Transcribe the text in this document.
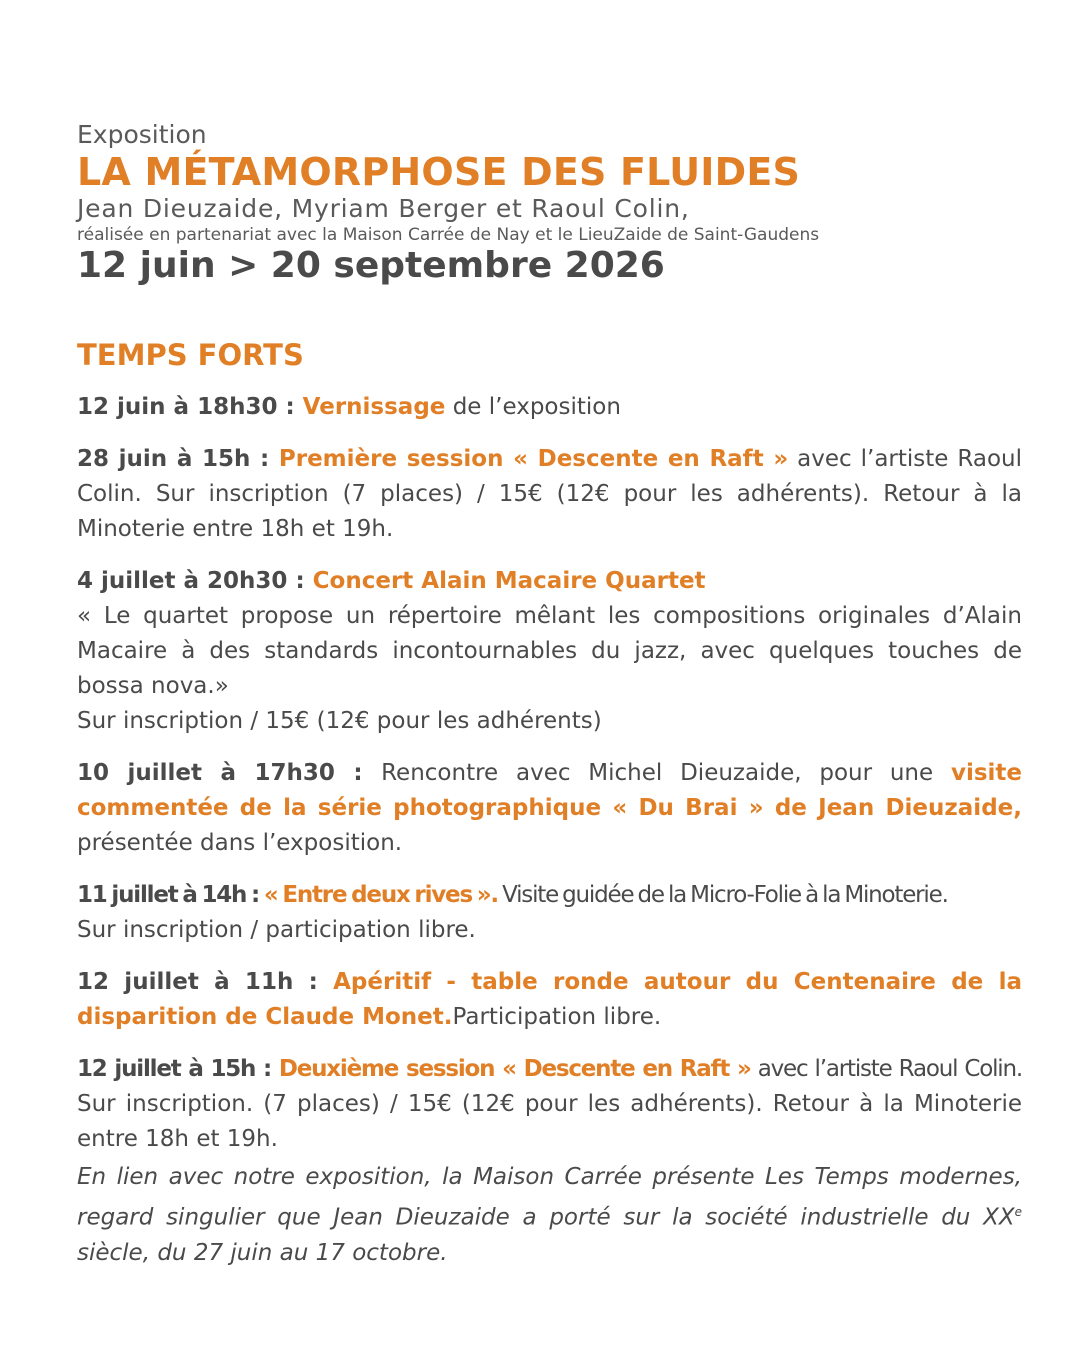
Exposition

LA MÉTAMORPHOSE DES FLUIDES

Jean Dieuzaide, Myriam Berger et Raoul Colin,

réalisée en partenariat avec la Maison Carrée de Nay et le LieuZaide de Saint-Gaudens

12 juin > 20 septembre 2026

TEMPS FORTS

12 juin à 18h30 : Vernissage de l’exposition

28 juin à 15h : Première session « Descente en Raft » avec l’artiste Raoul Colin. Sur inscription (7 places) / 15€ (12€ pour les adhérents). Retour à la Minoterie entre 18h et 19h.

4 juillet à 20h30 : Concert Alain Macaire Quartet
« Le quartet propose un répertoire mêlant les compositions originales d’Alain Macaire à des standards incontournables du jazz, avec quelques touches de bossa nova.»
Sur inscription / 15€ (12€ pour les adhérents)

10 juillet à 17h30 : Rencontre avec Michel Dieuzaide, pour une visite commentée de la série photographique « Du Brai » de Jean Dieuzaide, présentée dans l’exposition.

11 juillet à 14h : « Entre deux rives ». Visite guidée de la Micro-Folie à la Minoterie.
Sur inscription / participation libre.

12 juillet à 11h : Apéritif - table ronde autour du Centenaire de la disparition de Claude Monet.Participation libre.

12 juillet à 15h : Deuxième session « Descente en Raft » avec l’artiste Raoul Colin. Sur inscription. (7 places) / 15€ (12€ pour les adhérents). Retour à la Minoterie entre 18h et 19h.

En lien avec notre exposition, la Maison Carrée présente Les Temps modernes, regard singulier que Jean Dieuzaide a porté sur la société industrielle du XXe siècle, du 27 juin au 17 octobre.
